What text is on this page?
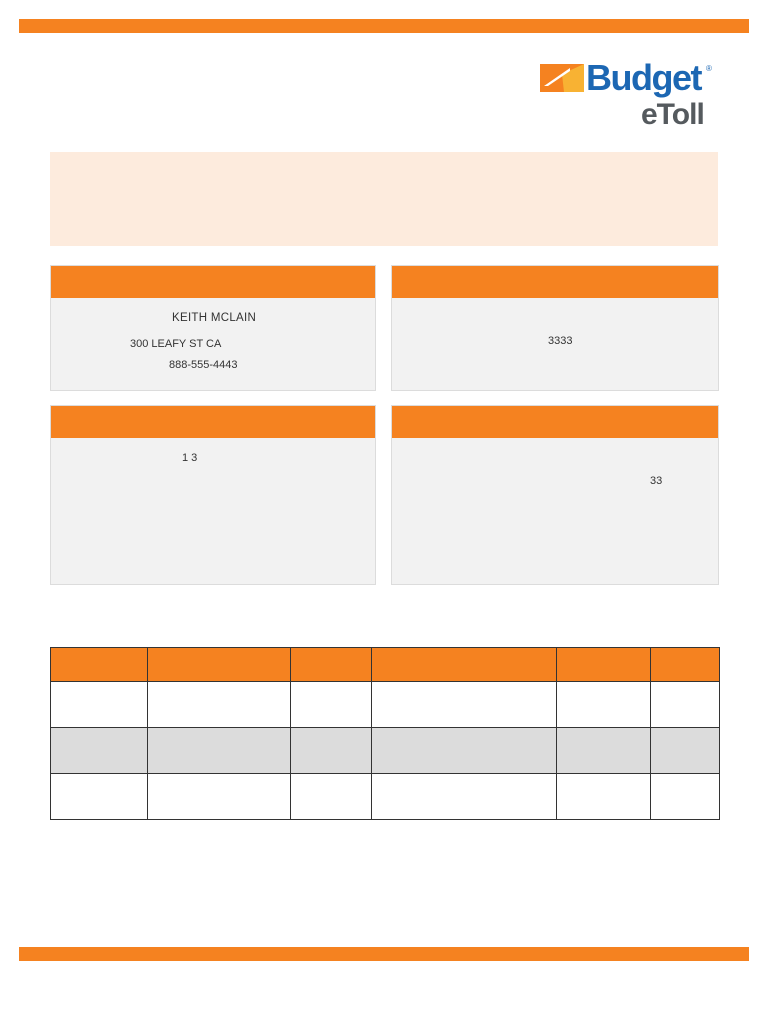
Budget ®
eToll
KEITH MCLAIN
300 LEAFY ST CA
888-555-4443
3333
1 3
33
